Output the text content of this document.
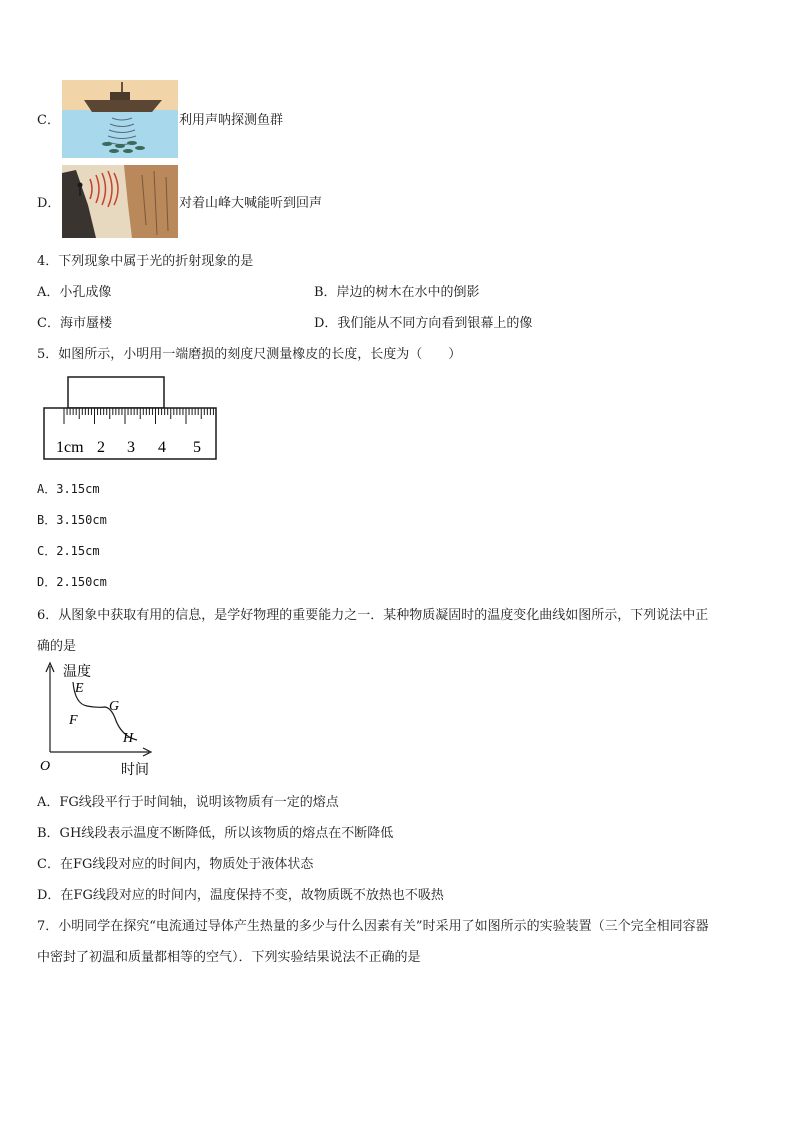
C．	利用声呐探测鱼群
D．	对着山峰大喊能听到回声
4．下列现象中属于光的折射现象的是
A．小孔成像	B．岸边的树木在水中的倒影
C．海市蜃楼	D．我们能从不同方向看到银幕上的像
5．如图所示，小明用一端磨损的刻度尺测量橡皮的长度，长度为（　　）
1cm 2 3 4 5
A．3.15cm
B．3.150cm
C．2.15cm
D．2.150cm
6．从图象中获取有用的信息，是学好物理的重要能力之一．某种物质凝固时的温度变化曲线如图所示，下列说法中正
确的是
温度
时间
O
E
F
G
H
A．FG线段平行于时间轴，说明该物质有一定的熔点
B．GH线段表示温度不断降低，所以该物质的熔点在不断降低
C．在FG线段对应的时间内，物质处于液体状态
D．在FG线段对应的时间内，温度保持不变，故物质既不放热也不吸热
7．小明同学在探究“电流通过导体产生热量的多少与什么因素有关”时采用了如图所示的实验装置（三个完全相同容器
中密封了初温和质量都相等的空气）．下列实验结果说法不正确的是
